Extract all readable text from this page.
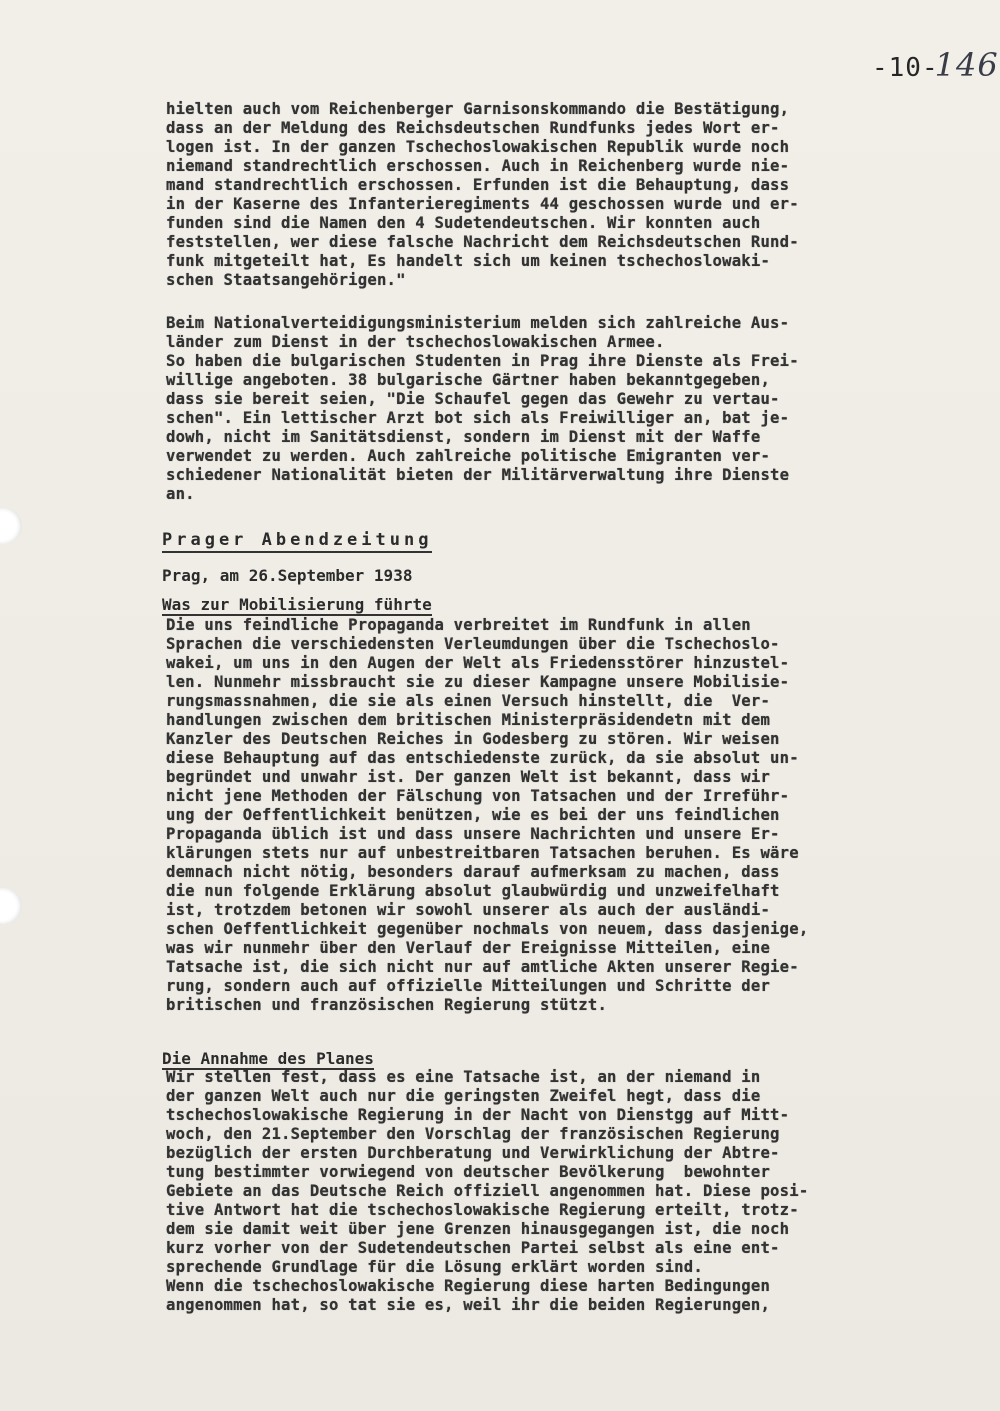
-10-146
hielten auch vom Reichenberger Garnisonskommando die Bestätigung,
dass an der Meldung des Reichsdeutschen Rundfunks jedes Wort er-
logen ist. In der ganzen Tschechoslowakischen Republik wurde noch
niemand standrechtlich erschossen. Auch in Reichenberg wurde nie-
mand standrechtlich erschossen. Erfunden ist die Behauptung, dass
in der Kaserne des Infanterieregiments 44 geschossen wurde und er-
funden sind die Namen den 4 Sudetendeutschen. Wir konnten auch
feststellen, wer diese falsche Nachricht dem Reichsdeutschen Rund-
funk mitgeteilt hat, Es handelt sich um keinen tschechoslowaki-
schen Staatsangehörigen."
Beim Nationalverteidigungsministerium melden sich zahlreiche Aus-
länder zum Dienst in der tschechoslowakischen Armee.
So haben die bulgarischen Studenten in Prag ihre Dienste als Frei-
willige angeboten. 38 bulgarische Gärtner haben bekanntgegeben,
dass sie bereit seien, "Die Schaufel gegen das Gewehr zu vertau-
schen". Ein lettischer Arzt bot sich als Freiwilliger an, bat je-
dowh, nicht im Sanitätsdienst, sondern im Dienst mit der Waffe
verwendet zu werden. Auch zahlreiche politische Emigranten ver-
schiedener Nationalität bieten der Militärverwaltung ihre Dienste
an.
Prager Abendzeitung
Prag, am 26.September 1938
Was zur Mobilisierung führte
Die uns feindliche Propaganda verbreitet im Rundfunk in allen
Sprachen die verschiedensten Verleumdungen über die Tschechoslo-
wakei, um uns in den Augen der Welt als Friedensstörer hinzustel-
len. Nunmehr missbraucht sie zu dieser Kampagne unsere Mobilisie-
rungsmassnahmen, die sie als einen Versuch hinstellt, die  Ver-
handlungen zwischen dem britischen Ministerpräsidendetn mit dem
Kanzler des Deutschen Reiches in Godesberg zu stören. Wir weisen
diese Behauptung auf das entschiedenste zurück, da sie absolut un-
begründet und unwahr ist. Der ganzen Welt ist bekannt, dass wir
nicht jene Methoden der Fälschung von Tatsachen und der Irreführ-
ung der Oeffentlichkeit benützen, wie es bei der uns feindlichen
Propaganda üblich ist und dass unsere Nachrichten und unsere Er-
klärungen stets nur auf unbestreitbaren Tatsachen beruhen. Es wäre
demnach nicht nötig, besonders darauf aufmerksam zu machen, dass
die nun folgende Erklärung absolut glaubwürdig und unzweifelhaft
ist, trotzdem betonen wir sowohl unserer als auch der ausländi-
schen Oeffentlichkeit gegenüber nochmals von neuem, dass dasjenige,
was wir nunmehr über den Verlauf der Ereignisse Mitteilen, eine
Tatsache ist, die sich nicht nur auf amtliche Akten unserer Regie-
rung, sondern auch auf offizielle Mitteilungen und Schritte der
britischen und französischen Regierung stützt.
Die Annahme des Planes
Wir stellen fest, dass es eine Tatsache ist, an der niemand in
der ganzen Welt auch nur die geringsten Zweifel hegt, dass die
tschechoslowakische Regierung in der Nacht von Dienstgg auf Mitt-
woch, den 21.September den Vorschlag der französischen Regierung
bezüglich der ersten Durchberatung und Verwirklichung der Abtre-
tung bestimmter vorwiegend von deutscher Bevölkerung  bewohnter
Gebiete an das Deutsche Reich offiziell angenommen hat. Diese posi-
tive Antwort hat die tschechoslowakische Regierung erteilt, trotz-
dem sie damit weit über jene Grenzen hinausgegangen ist, die noch
kurz vorher von der Sudetendeutschen Partei selbst als eine ent-
sprechende Grundlage für die Lösung erklärt worden sind.
Wenn die tschechoslowakische Regierung diese harten Bedingungen
angenommen hat, so tat sie es, weil ihr die beiden Regierungen,
